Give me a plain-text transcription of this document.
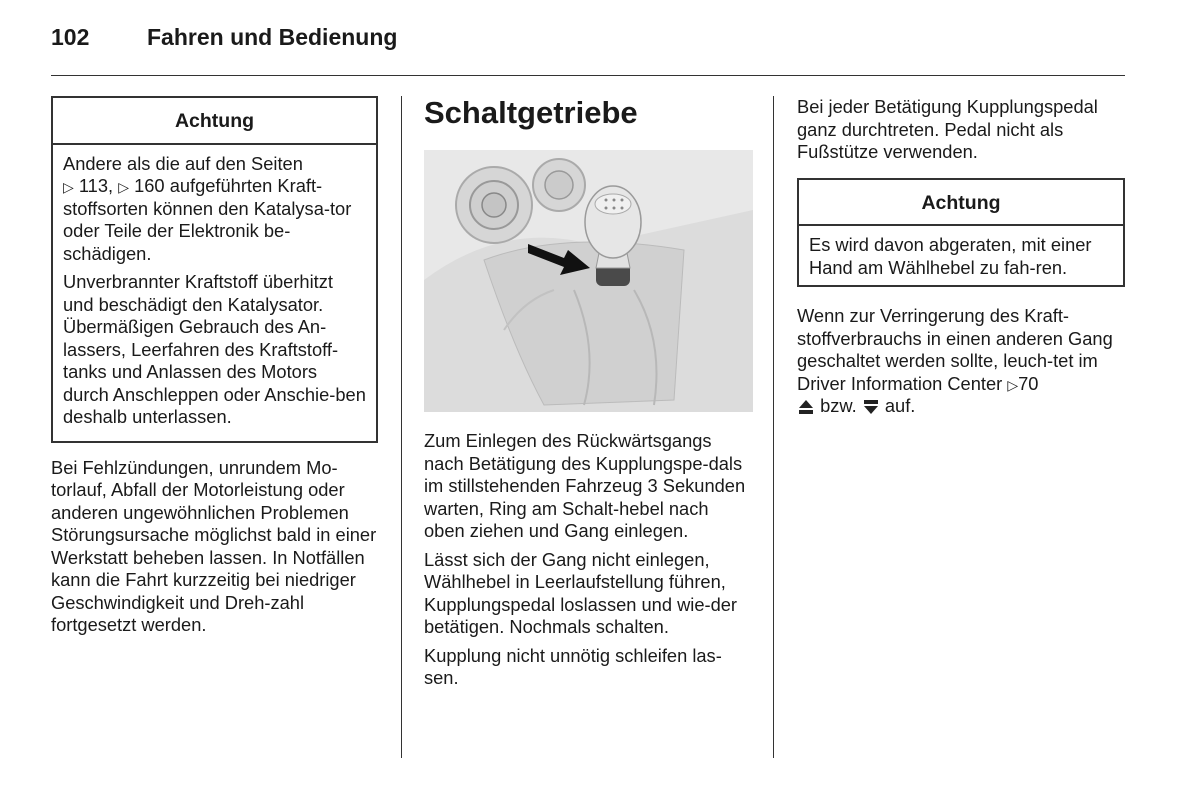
102	Fahren und Bedienung
Achtung

Andere als die auf den Seiten
▷ 113, ▷ 160 aufgeführten Kraft- stoffsorten können den Katalysa-tor oder Teile der Elektronik be-schädigen.

Unverbrannter Kraftstoff überhitzt und beschädigt den Katalysator. Übermäßigen Gebrauch des An-lassers, Leerfahren des Kraftstoff-tanks und Anlassen des Motors durch Anschleppen oder Anschie-ben deshalb unterlassen.

Bei Fehlzündungen, unrundem Mo-torlauf, Abfall der Motorleistung oder anderen ungewöhnlichen Problemen Störungsursache möglichst bald in einer Werkstatt beheben lassen. In Notfällen kann die Fahrt kurzzeitig bei niedriger Geschwindigkeit und Dreh-zahl fortgesetzt werden.

Schaltgetriebe

Zum Einlegen des Rückwärtsgangs nach Betätigung des Kupplungspe-dals im stillstehenden Fahrzeug 3 Sekunden warten, Ring am Schalt-hebel nach oben ziehen und Gang einlegen.

Lässt sich der Gang nicht einlegen, Wählhebel in Leerlaufstellung führen, Kupplungspedal loslassen und wie-der betätigen. Nochmals schalten.

Kupplung nicht unnötig schleifen las-sen.

Bei jeder Betätigung Kupplungspedal ganz durchtreten. Pedal nicht als Fußstütze verwenden.

Achtung
Es wird davon abgeraten, mit einer Hand am Wählhebel zu fah-ren.

Wenn zur Verringerung des Kraft-stoffverbrauchs in einen anderen Gang geschaltet werden sollte, leuch-tet im Driver Information Center ▷70
bzw. auf.
